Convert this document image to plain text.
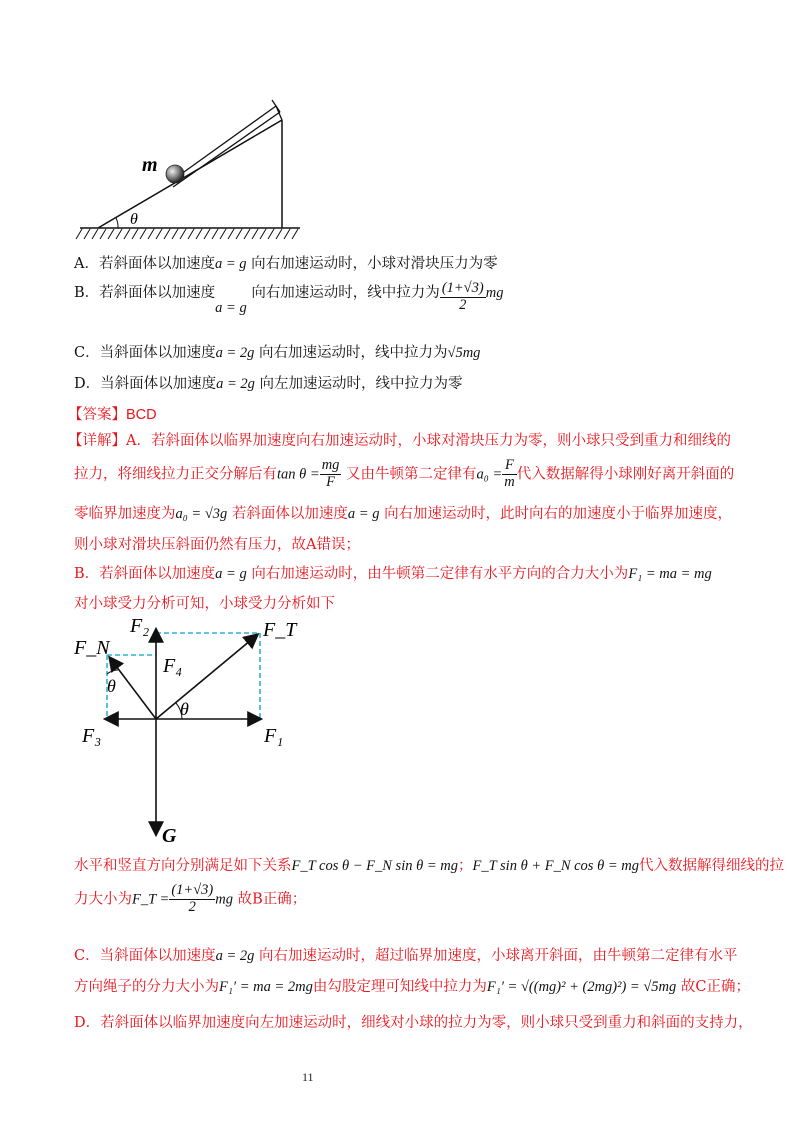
m
θ
A．若斜面体以加速度a = g 向右加速运动时，小球对滑块压力为零
B．若斜面体以加速度a = g 向右加速运动时，线中拉力为 $\frac{(1+√3)}{2}$ mg
C．当斜面体以加速度a = 2g 向右加速运动时，线中拉力为√5mg
D．当斜面体以加速度a = 2g 向左加速运动时，线中拉力为零
【答案】BCD
【详解】A．若斜面体以临界加速度向右加速运动时，小球对滑块压力为零，则小球只受到重力和细线的
拉力，将细线拉力正交分解后有$\tan \theta = \frac{mg}{F}$ 又由牛顿第二定律有$a_0 = \frac{F}{m}$ 代入数据解得小球刚好离开斜面的
零临界加速度为a₀ = √3g 若斜面体以加速度a = g 向右加速运动时，此时向右的加速度小于临界加速度，
则小球对滑块压斜面仍然有压力，故A错误；
B．若斜面体以加速度a = g 向右加速运动时，由牛顿第二定律有水平方向的合力大小为F₁ = ma = mg
对小球受力分析可知，小球受力分析如下
F₂	F_T
F_N
F₄
θ
θ
F₃	F₁
G
水平和竖直方向分别满足如下关系F_T cos θ − F_N sin θ = mg；F_T sin θ + F_N cos θ = mg代入数据解得细线的拉
力大小为F_T = $\frac{(1+√3)}{2}$ mg 故B正确；
C．当斜面体以加速度a = 2g 向右加速运动时，超过临界加速度，小球离开斜面，由牛顿第二定律有水平
方向绳子的分力大小为F₁′ = ma = 2mg由勾股定理可知线中拉力为F₁′ = √((mg)² + (2mg)²) = √5mg 故C正确；
D．若斜面体以临界加速度向左加速运动时，细线对小球的拉力为零，则小球只受到重力和斜面的支持力，
11
